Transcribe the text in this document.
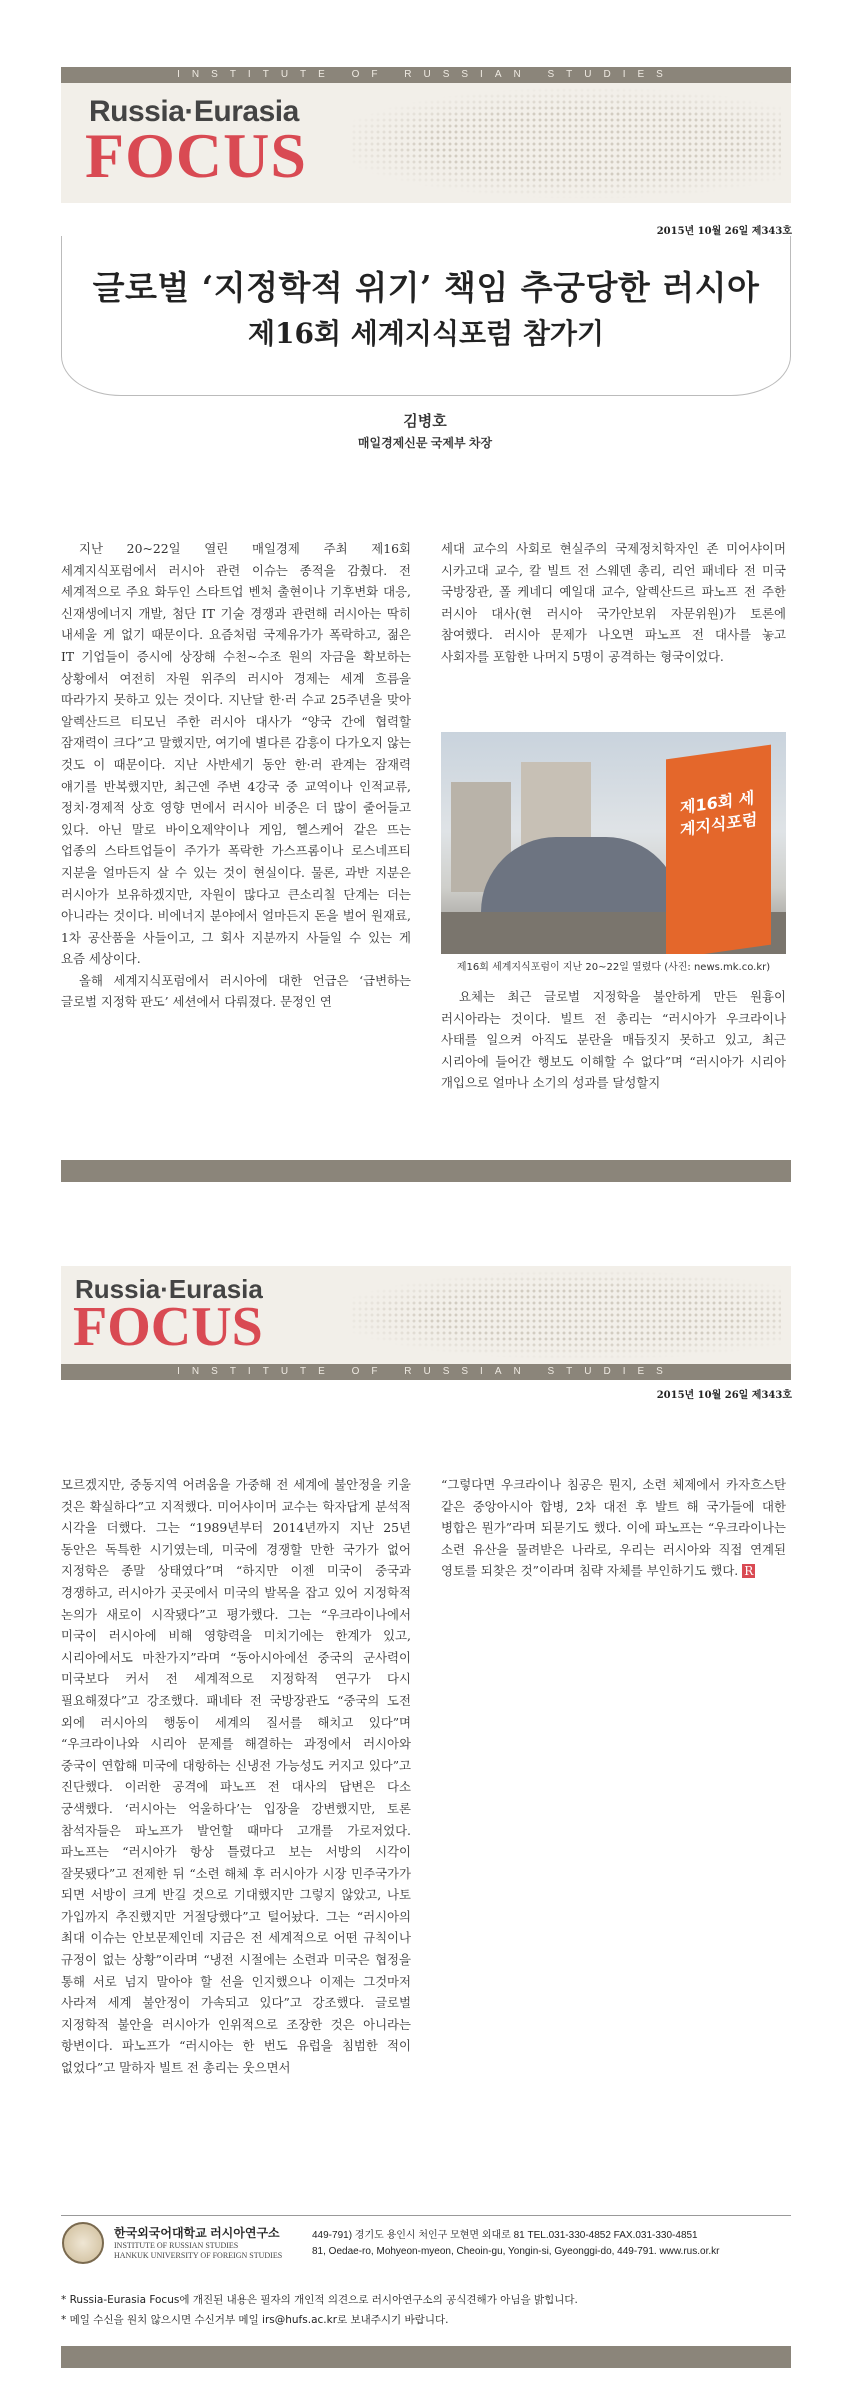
INSTITUTE OF RUSSIAN STUDIES
Russia·Eurasia
FOCUS
2015년 10월 26일 제343호
글로벌 ‘지정학적 위기’ 책임 추궁당한 러시아
제16회 세계지식포럼 참가기
김병호
매일경제신문 국제부 차장

지난 20~22일 열린 매일경제 주최 제16회 세계지식포럼에서 러시아 관련 이슈는 종적을 감췄다. 전 세계적으로 주요 화두인 스타트업 벤처 출현이나 기후변화 대응, 신재생에너지 개발, 첨단 IT 기술 경쟁과 관련해 러시아는 딱히 내세울 게 없기 때문이다. 요즘처럼 국제유가가 폭락하고, 젊은 IT 기업들이 증시에 상장해 수천~수조 원의 자금을 확보하는 상황에서 여전히 자원 위주의 러시아 경제는 세계 흐름을 따라가지 못하고 있는 것이다. 지난달 한·러 수교 25주년을 맞아 알렉산드르 티모닌 주한 러시아 대사가 “양국 간에 협력할 잠재력이 크다”고 말했지만, 여기에 별다른 감흥이 다가오지 않는 것도 이 때문이다. 지난 사반세기 동안 한·러 관계는 잠재력 얘기를 반복했지만, 최근엔 주변 4강국 중 교역이나 인적교류, 정치·경제적 상호 영향 면에서 러시아 비중은 더 많이 줄어들고 있다. 아닌 말로 바이오제약이나 게임, 헬스케어 같은 뜨는 업종의 스타트업들이 주가가 폭락한 가스프롬이나 로스네프티 지분을 얼마든지 살 수 있는 것이 현실이다. 물론, 과반 지분은 러시아가 보유하겠지만, 자원이 많다고 큰소리칠 단계는 더는 아니라는 것이다. 비에너지 분야에서 얼마든지 돈을 벌어 원재료, 1차 공산품을 사들이고, 그 회사 지분까지 사들일 수 있는 게 요즘 세상이다.

올해 세계지식포럼에서 러시아에 대한 언급은 ‘급변하는 글로벌 지정학 판도’ 세션에서 다뤄졌다. 문정인 연

세대 교수의 사회로 현실주의 국제정치학자인 존 미어샤이머 시카고대 교수, 칼 빌트 전 스웨덴 총리, 리언 패네타 전 미국 국방장관, 폴 케네디 예일대 교수, 알렉산드르 파노프 전 주한 러시아 대사(현 러시아 국가안보위 자문위원)가 토론에 참여했다. 러시아 문제가 나오면 파노프 전 대사를 놓고 사회자를 포함한 나머지 5명이 공격하는 형국이었다.

제16회 세계지식포럼
제16회 세계지식포럼이 지난 20~22일 열렸다 (사진: news.mk.co.kr)

요체는 최근 글로벌 지정학을 불안하게 만든 원흉이 러시아라는 것이다. 빌트 전 총리는 “러시아가 우크라이나 사태를 일으켜 아직도 분란을 매듭짓지 못하고 있고, 최근 시리아에 들어간 행보도 이해할 수 없다”며 “러시아가 시리아 개입으로 얼마나 소기의 성과를 달성할지

Russia·Eurasia
FOCUS
INSTITUTE OF RUSSIAN STUDIES
2015년 10월 26일 제343호

모르겠지만, 중동지역 어려움을 가중해 전 세계에 불안정을 키울 것은 확실하다”고 지적했다. 미어샤이머 교수는 학자답게 분석적 시각을 더했다. 그는 “1989년부터 2014년까지 지난 25년 동안은 독특한 시기였는데, 미국에 경쟁할 만한 국가가 없어 지정학은 종말 상태였다”며 “하지만 이젠 미국이 중국과 경쟁하고, 러시아가 곳곳에서 미국의 발목을 잡고 있어 지정학적 논의가 새로이 시작됐다”고 평가했다. 그는 “우크라이나에서 미국이 러시아에 비해 영향력을 미치기에는 한계가 있고, 시리아에서도 마찬가지”라며 “동아시아에선 중국의 군사력이 미국보다 커서 전 세계적으로 지정학적 연구가 다시 필요해졌다”고 강조했다. 패네타 전 국방장관도 “중국의 도전 외에 러시아의 행동이 세계의 질서를 해치고 있다”며 “우크라이나와 시리아 문제를 해결하는 과정에서 러시아와 중국이 연합해 미국에 대항하는 신냉전 가능성도 커지고 있다”고 진단했다. 이러한 공격에 파노프 전 대사의 답변은 다소 궁색했다. ‘러시아는 억울하다’는 입장을 강변했지만, 토론 참석자들은 파노프가 발언할 때마다 고개를 가로저었다. 파노프는 “러시아가 항상 틀렸다고 보는 서방의 시각이 잘못됐다”고 전제한 뒤 “소련 해체 후 러시아가 시장 민주국가가 되면 서방이 크게 반길 것으로 기대했지만 그렇지 않았고, 나토 가입까지 추진했지만 거절당했다”고 털어놨다. 그는 “러시아의 최대 이슈는 안보문제인데 지금은 전 세계적으로 어떤 규칙이나 규정이 없는 상황”이라며 “냉전 시절에는 소련과 미국은 협정을 통해 서로 넘지 말아야 할 선을 인지했으나 이제는 그것마저 사라져 세계 불안정이 가속되고 있다”고 강조했다. 글로벌 지정학적 불안을 러시아가 인위적으로 조장한 것은 아니라는 항변이다. 파노프가 “러시아는 한 번도 유럽을 침범한 적이 없었다”고 말하자 빌트 전 총리는 웃으면서

“그렇다면 우크라이나 침공은 뭔지, 소련 체제에서 카자흐스탄 같은 중앙아시아 합병, 2차 대전 후 발트 해 국가들에 대한 병합은 뭔가”라며 되묻기도 했다. 이에 파노프는 “우크라이나는 소련 유산을 물려받은 나라로, 우리는 러시아와 직접 연계된 영토를 되찾은 것”이라며 침략 자체를 부인하기도 했다. R

한국외국어대학교 러시아연구소
INSTITUTE OF RUSSIAN STUDIES
HANKUK UNIVERSITY OF FOREIGN STUDIES
449-791) 경기도 용인시 처인구 모현면 외대로 81 TEL.031-330-4852 FAX.031-330-4851
81, Oedae-ro, Mohyeon-myeon, Cheoin-gu, Yongin-si, Gyeonggi-do, 449-791. www.rus.or.kr
* Russia-Eurasia Focus에 개진된 내용은 필자의 개인적 의견으로 러시아연구소의 공식견해가 아님을 밝힙니다.
* 메일 수신을 원치 않으시면 수신거부 메일 irs@hufs.ac.kr로 보내주시기 바랍니다.
